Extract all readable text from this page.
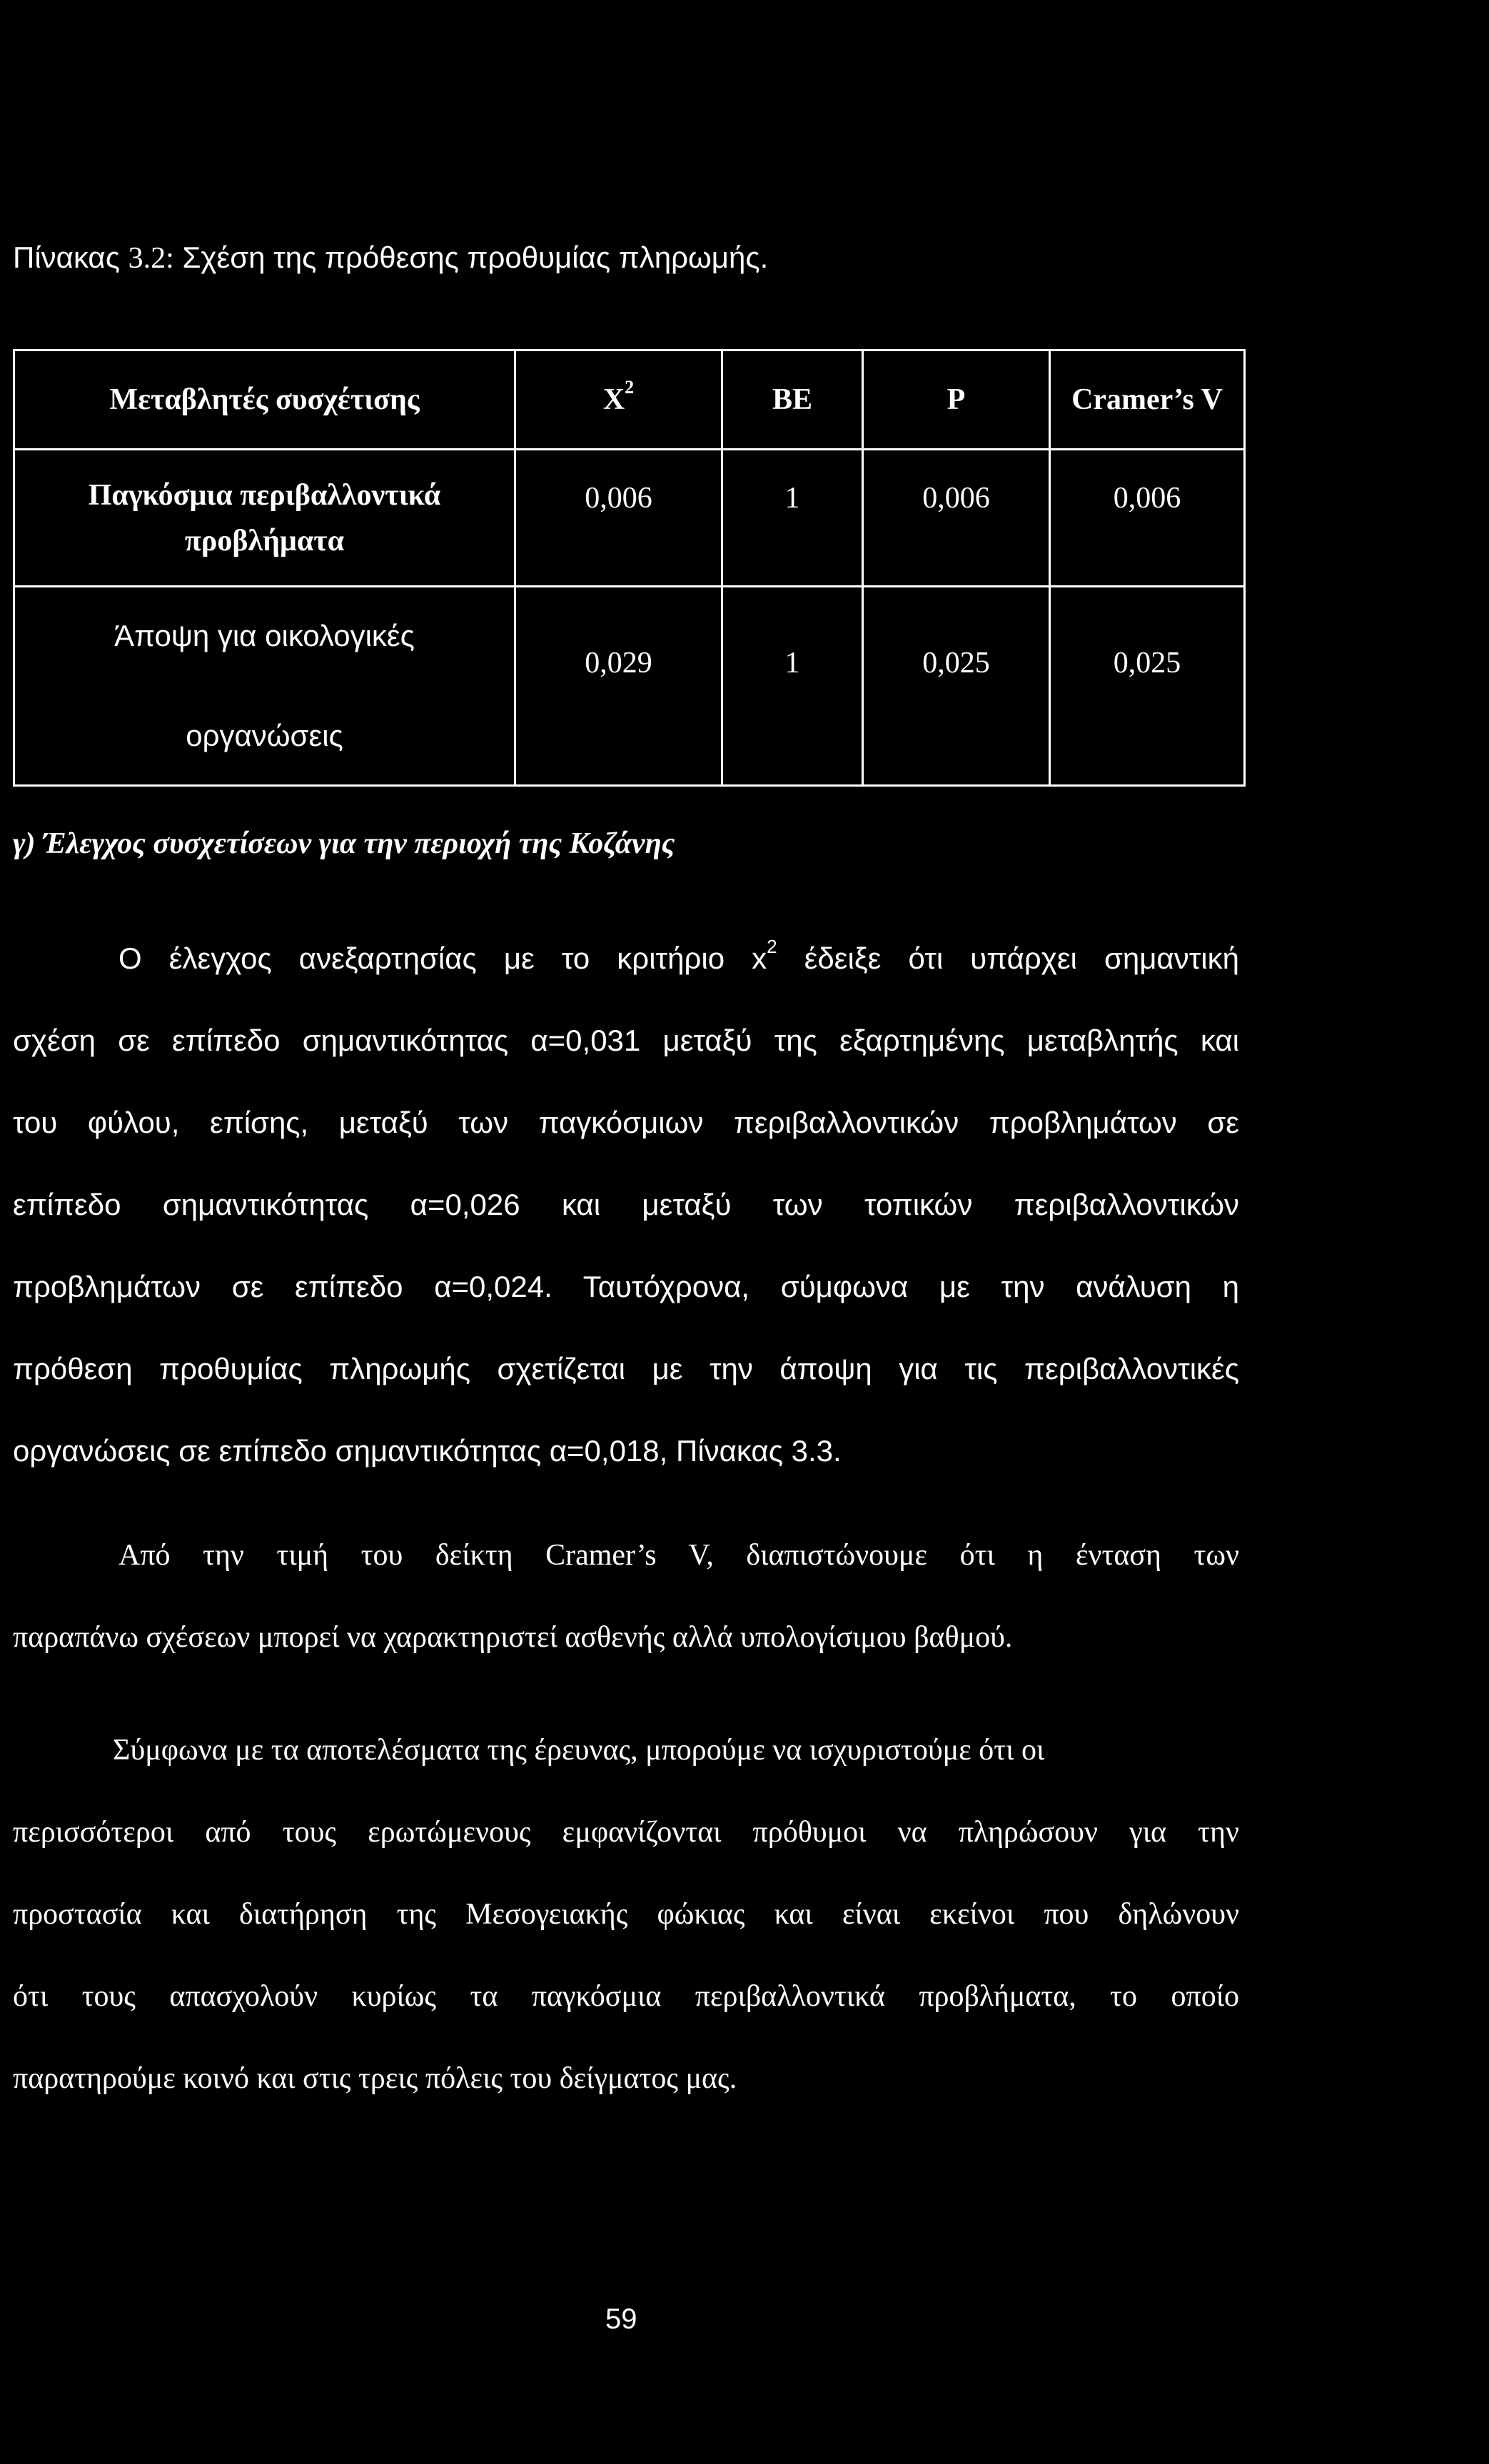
Πίνακας 3.2: Σχέση της πρόθεσης προθυμίας πληρωμής.
Μεταβλητές συσχέτισης	$X^2$	ΒΕ	P	Cramer’s V
Παγκόσμια περιβαλλοντικά
προβλήματα	0,006	1	0,006	0,006
Άποψη για οικολογικές
οργανώσεις	0,029	1	0,025	0,025
γ) Έλεγχος συσχετίσεων για την περιοχή της Κοζάνης
Ο έλεγχος ανεξαρτησίας με το κριτήριο $x^2$ έδειξε ότι υπάρχει σημαντική
σχέση σε επίπεδο σημαντικότητας α=0,031 μεταξύ της εξαρτημένης μεταβλητής και
του φύλου, επίσης, μεταξύ των παγκόσμιων περιβαλλοντικών προβλημάτων σε
επίπεδο σημαντικότητας α=0,026 και μεταξύ των τοπικών περιβαλλοντικών
προβλημάτων σε επίπεδο α=0,024. Ταυτόχρονα, σύμφωνα με την ανάλυση η
πρόθεση προθυμίας πληρωμής σχετίζεται με την άποψη για τις περιβαλλοντικές
οργανώσεις σε επίπεδο σημαντικότητας α=0,018, Πίνακας 3.3.
Από την τιμή του δείκτη Cramer’s V, διαπιστώνουμε ότι η ένταση των
παραπάνω σχέσεων μπορεί να χαρακτηριστεί ασθενής αλλά υπολογίσιμου βαθμού.
Σύμφωνα με τα αποτελέσματα της έρευνας, μπορούμε να ισχυριστούμε ότι οι
περισσότεροι από τους ερωτώμενους εμφανίζονται πρόθυμοι να πληρώσουν για την
προστασία και διατήρηση της Μεσογειακής φώκιας και είναι εκείνοι που δηλώνουν
ότι τους απασχολούν κυρίως τα παγκόσμια περιβαλλοντικά προβλήματα, το οποίο
παρατηρούμε κοινό και στις τρεις πόλεις του δείγματος μας.
59
